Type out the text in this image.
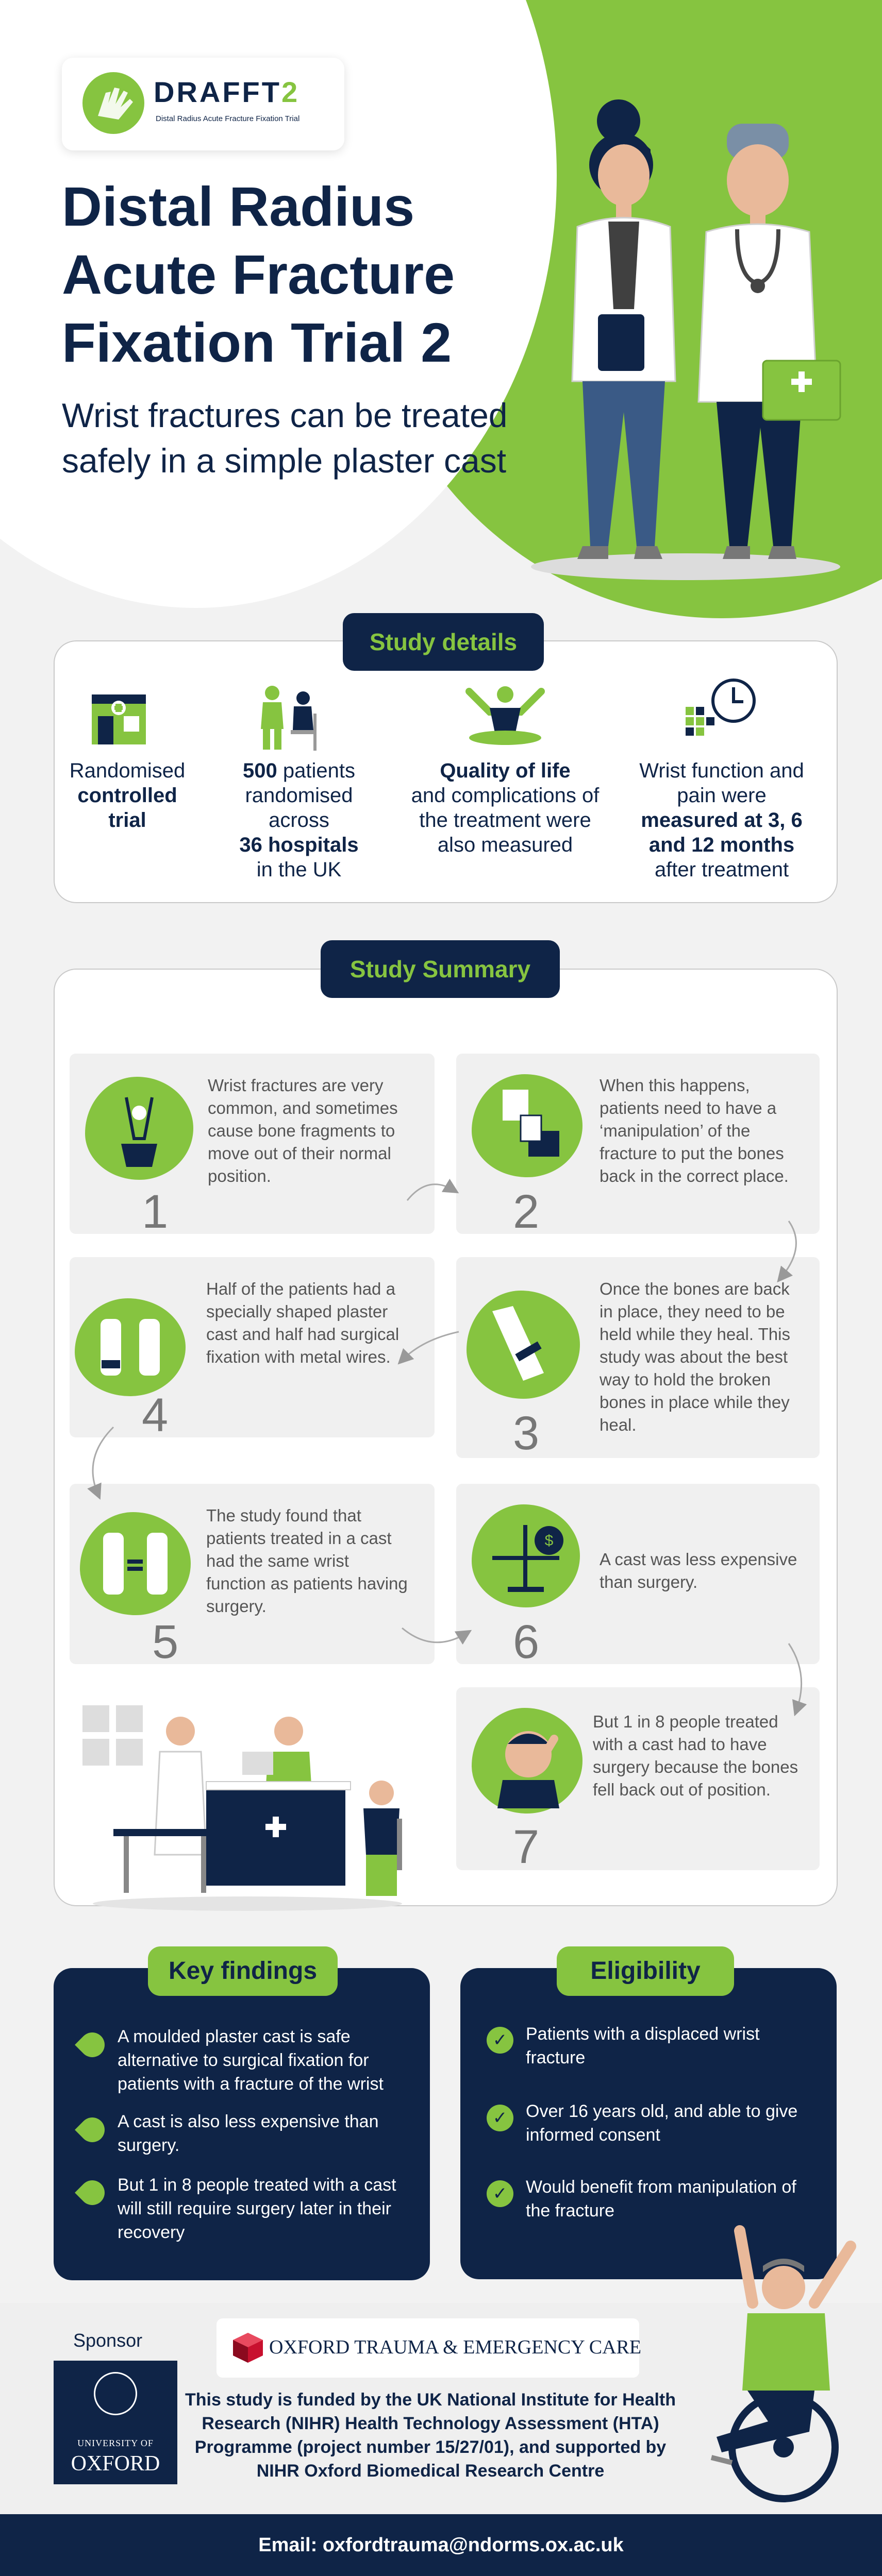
DRAFFT2
Distal Radius Acute Fracture Fixation Trial
Distal Radius Acute Fracture Fixation Trial 2
Wrist fractures can be treated safely in a simple plaster cast
Study details
Randomised
controlled trial
500 patients randomised across
36 hospitals
in the UK
Quality of life
and complications of the treatment were also measured
Wrist function and pain were
measured at 3, 6 and 12 months
after treatment
Study Summary
1
Wrist fractures are very common, and sometimes cause bone fragments to move out of their normal position.
2
When this happens, patients need to have a ‘manipulation’ of the fracture to put the bones back in the correct place.
3
Once the bones are back in place, they need to be held while they heal. This study was about the best way to hold the broken bones in place while they heal.
4
Half of the patients had a specially shaped plaster cast and half had surgical fixation with metal wires.
5
The study found that patients treated in a cast had the same wrist function as patients having surgery.
$
6
A cast was less expensive than surgery.
7
But 1 in 8 people treated with a cast had to have surgery because the bones fell back out of position.
Key findings
A moulded plaster cast is safe alternative to surgical fixation for patients with a fracture of the wrist
A cast is also less expensive than surgery.
But 1 in 8 people treated with a cast will still require surgery later in their recovery
Eligibility
✓	Patients with a displaced wrist fracture
✓	Over 16 years old, and able to give informed consent
✓	Would benefit from manipulation of the fracture
Sponsor
UNIVERSITY OF
OXFORD
OXFORD TRAUMA & EMERGENCY CARE
This study is funded by the UK National Institute for Health Research (NIHR) Health Technology Assessment (HTA) Programme (project number 15/27/01), and supported by NIHR Oxford Biomedical Research Centre
Email: oxfordtrauma@ndorms.ox.ac.uk
